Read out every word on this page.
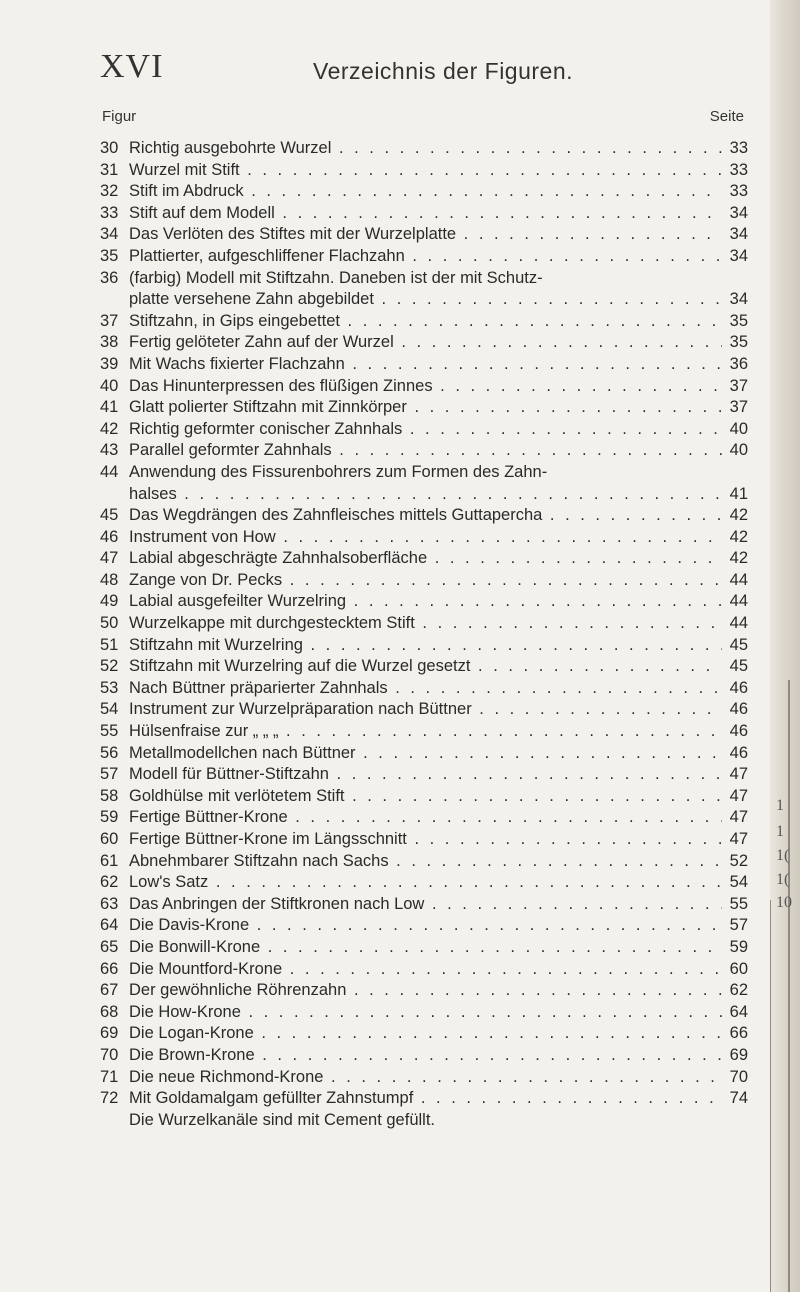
1
1
1(
1(
10
XVI	Verzeichnis der Figuren.
Figur	Seite
30 Richtig ausgebohrte Wurzel . . .	33
31 Wurzel mit Stift . . .	33
32 Stift im Abdruck . . .	33
33 Stift auf dem Modell . . .	34
34 Das Verlöten des Stiftes mit der Wurzelplatte . . .	34
35 Plattierter, aufgeschliffener Flachzahn . . .	34
36 (farbig) Modell mit Stiftzahn. Daneben ist der mit Schutz-
platte versehene Zahn abgebildet . . .	34
37 Stiftzahn, in Gips eingebettet . . .	35
38 Fertig gelöteter Zahn auf der Wurzel . . .	35
39 Mit Wachs fixierter Flachzahn . . .	36
40 Das Hinunterpressen des flüßigen Zinnes . . .	37
41 Glatt polierter Stiftzahn mit Zinnkörper . . .	37
42 Richtig geformter conischer Zahnhals . . .	40
43 Parallel geformter Zahnhals . . .	40
44 Anwendung des Fissurenbohrers zum Formen des Zahn-
halses . . .	41
45 Das Wegdrängen des Zahnfleisches mittels Guttapercha . . .	42
46 Instrument von How . . .	42
47 Labial abgeschrägte Zahnhalsoberfläche . . .	42
48 Zange von Dr. Pecks . . .	44
49 Labial ausgefeilter Wurzelring . . .	44
50 Wurzelkappe mit durchgestecktem Stift . . .	44
51 Stiftzahn mit Wurzelring . . .	45
52 Stiftzahn mit Wurzelring auf die Wurzel gesetzt . . .	45
53 Nach Büttner präparierter Zahnhals . . .	46
54 Instrument zur Wurzelpräparation nach Büttner . . .	46
55 Hülsenfraise zur „ „ „ . . .	46
56 Metallmodellchen nach Büttner . . .	46
57 Modell für Büttner-Stiftzahn . . .	47
58 Goldhülse mit verlötetem Stift . . .	47
59 Fertige Büttner-Krone . . .	47
60 Fertige Büttner-Krone im Längsschnitt . . .	47
61 Abnehmbarer Stiftzahn nach Sachs . . .	52
62 Low's Satz . . .	54
63 Das Anbringen der Stiftkronen nach Low . . .	55
64 Die Davis-Krone . . .	57
65 Die Bonwill-Krone . . .	59
66 Die Mountford-Krone . . .	60
67 Der gewöhnliche Röhrenzahn . . .	62
68 Die How-Krone . . .	64
69 Die Logan-Krone . . .	66
70 Die Brown-Krone . . .	69
71 Die neue Richmond-Krone . . .	70
72 Mit Goldamalgam gefüllter Zahnstumpf . . .	74
Die Wurzelkanäle sind mit Cement gefüllt.
